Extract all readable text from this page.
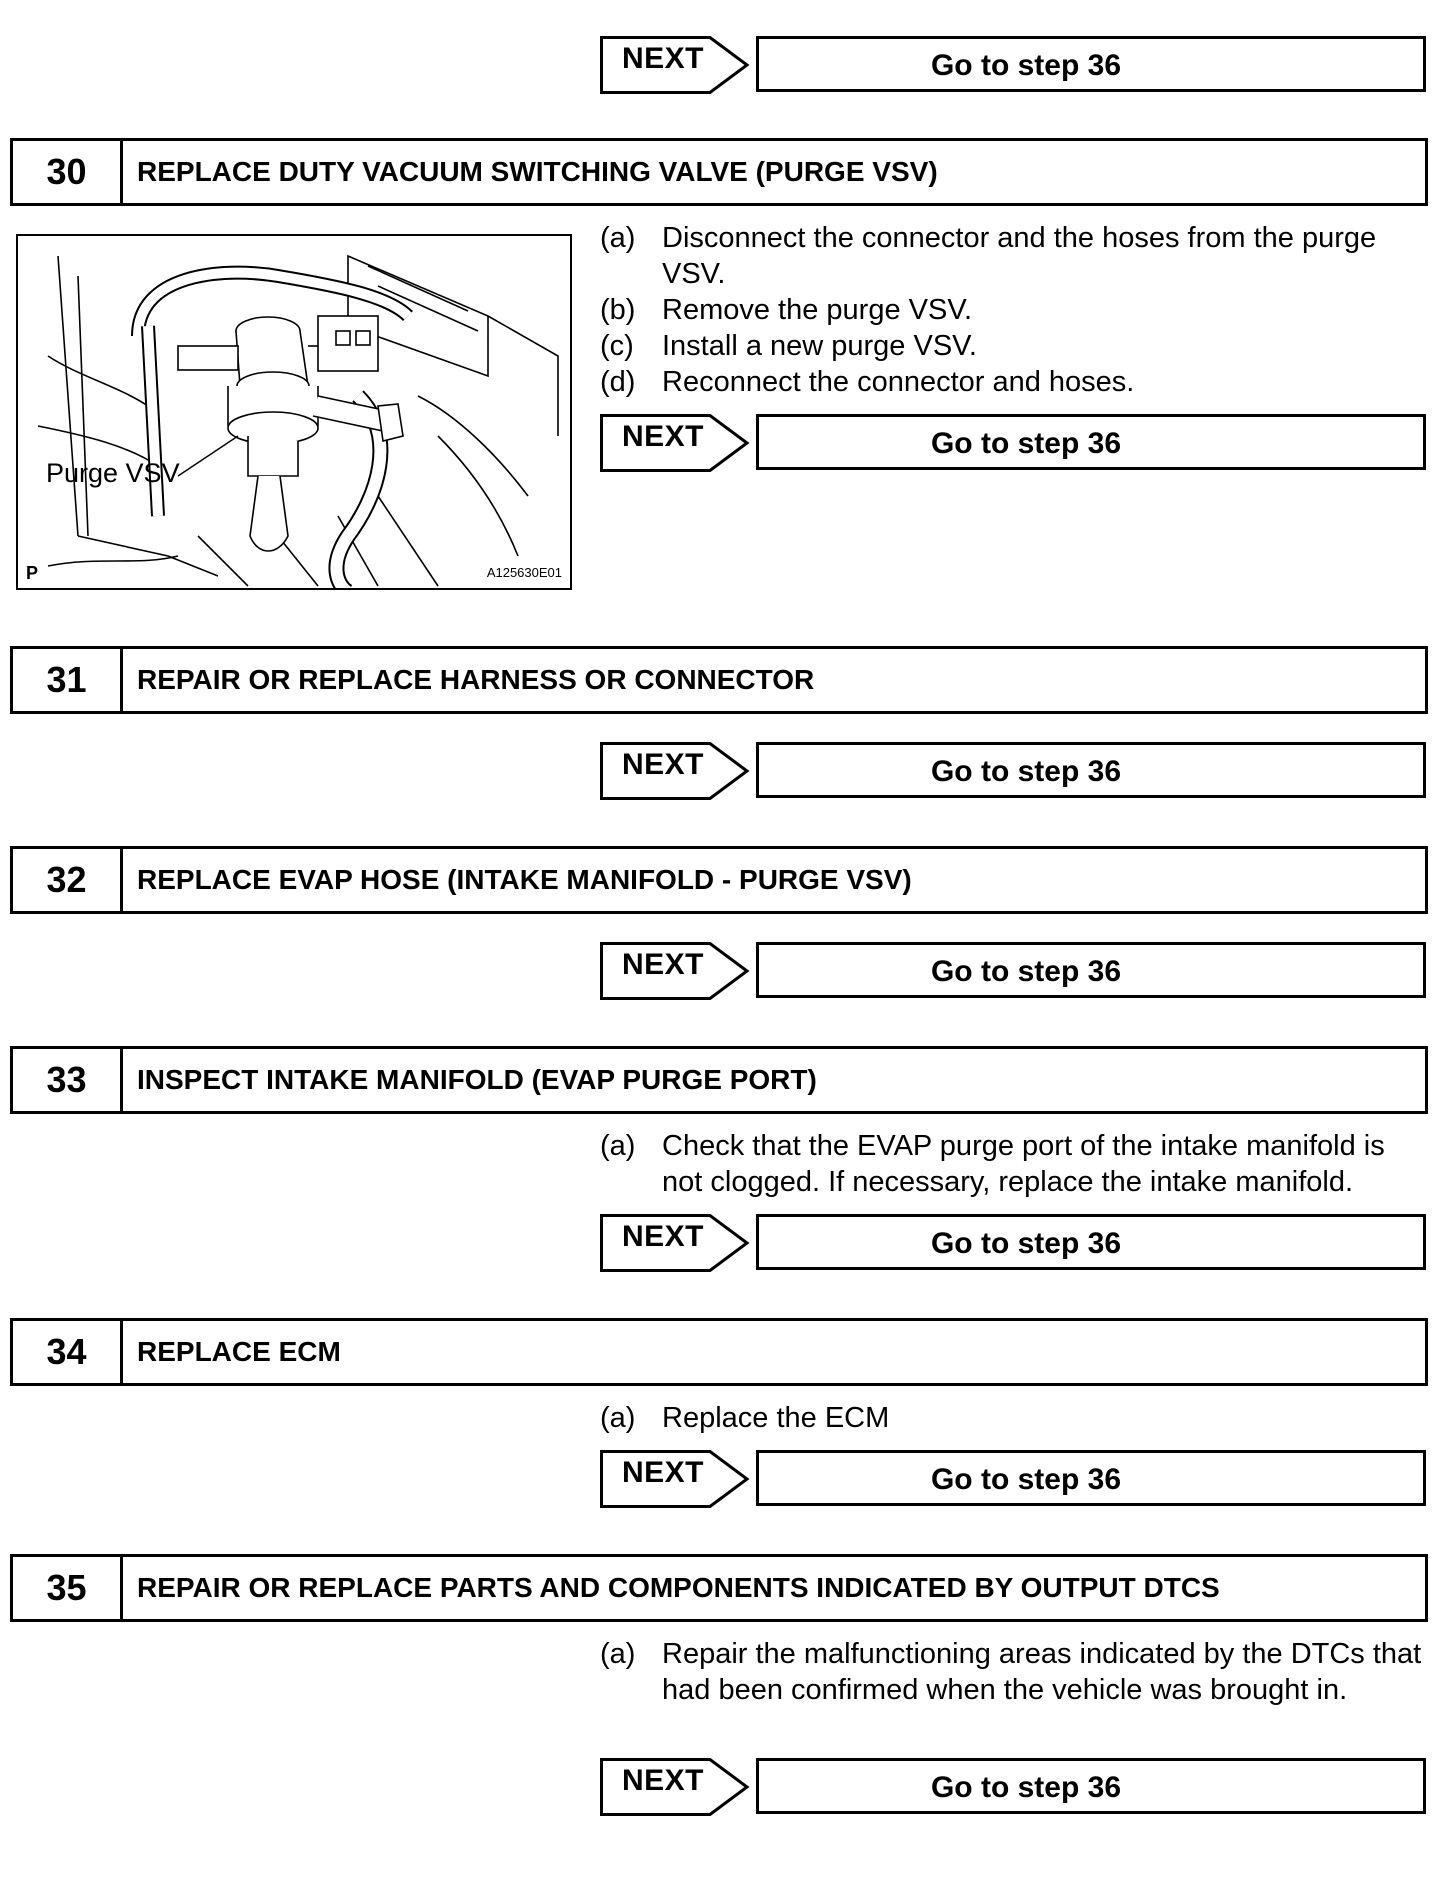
NEXT	Go to step 36
30	REPLACE DUTY VACUUM SWITCHING VALVE (PURGE VSV)
Purge VSV
P	A125630E01
(a) Disconnect the connector and the hoses from the purge VSV.
(b) Remove the purge VSV.
(c) Install a new purge VSV.
(d) Reconnect the connector and hoses.
NEXT	Go to step 36
31	REPAIR OR REPLACE HARNESS OR CONNECTOR
NEXT	Go to step 36
32	REPLACE EVAP HOSE (INTAKE MANIFOLD - PURGE VSV)
NEXT	Go to step 36
33	INSPECT INTAKE MANIFOLD (EVAP PURGE PORT)
(a) Check that the EVAP purge port of the intake manifold is not clogged. If necessary, replace the intake manifold.
NEXT	Go to step 36
34	REPLACE ECM
(a) Replace the ECM
NEXT	Go to step 36
35	REPAIR OR REPLACE PARTS AND COMPONENTS INDICATED BY OUTPUT DTCS
(a) Repair the malfunctioning areas indicated by the DTCs that had been confirmed when the vehicle was brought in.
NEXT	Go to step 36
